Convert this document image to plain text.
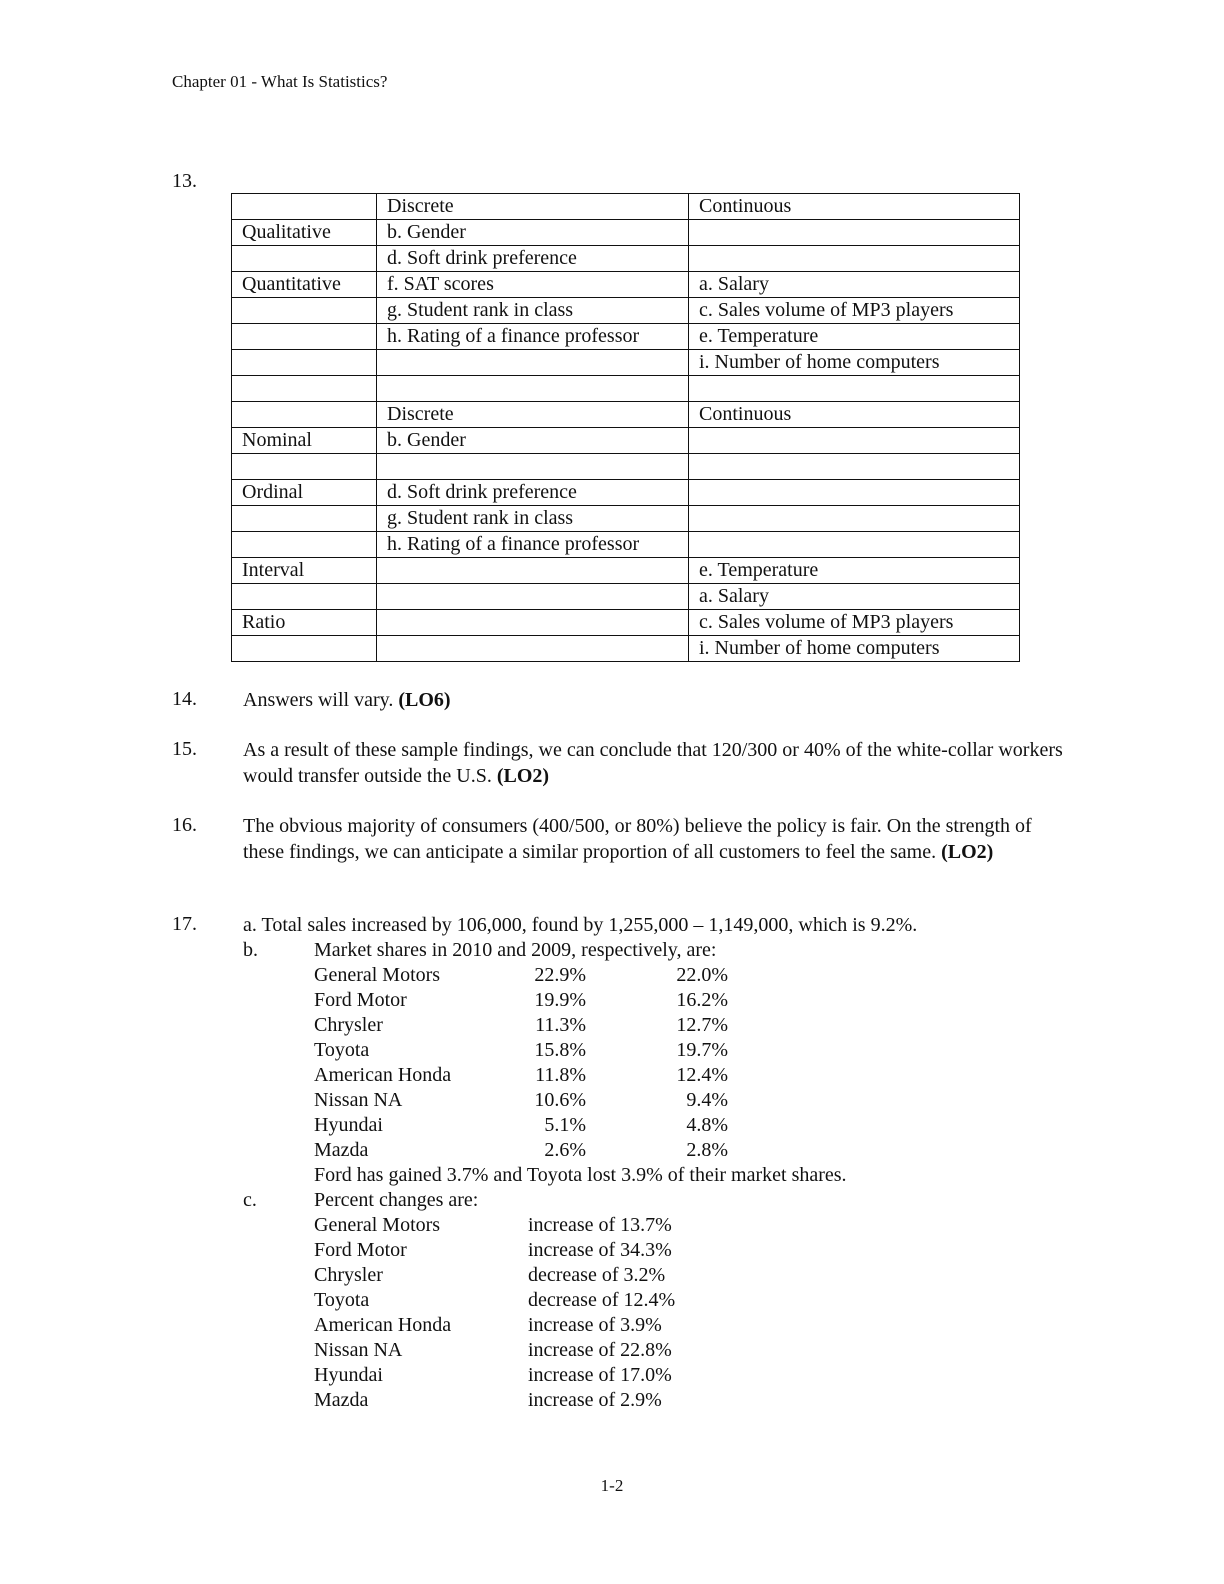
Chapter 01 - What Is Statistics?
13.
	Discrete	Continuous
Qualitative	b. Gender	
	d. Soft drink preference	
Quantitative	f. SAT scores	a. Salary
	g. Student rank in class	c. Sales volume of MP3 players
	h. Rating of a finance professor	e. Temperature
		i. Number of home computers

	Discrete	Continuous
Nominal	b. Gender	

Ordinal	d. Soft drink preference	
	g. Student rank in class	
	h. Rating of a finance professor	
Interval		e. Temperature
		a. Salary
Ratio		c. Sales volume of MP3 players
		i. Number of home computers
14. Answers will vary. (LO6)
15. As a result of these sample findings, we can conclude that 120/300 or 40% of the white-collar workers would transfer outside the U.S. (LO2)
16. The obvious majority of consumers (400/500, or 80%) believe the policy is fair. On the strength of these findings, we can anticipate a similar proportion of all customers to feel the same. (LO2)
17. a. Total sales increased by 106,000, found by 1,255,000 – 1,149,000, which is 9.2%.
b.	Market shares in 2010 and 2009, respectively, are:
General Motors	22.9%	22.0%
Ford Motor	19.9%	16.2%
Chrysler	11.3%	12.7%
Toyota	15.8%	19.7%
American Honda	11.8%	12.4%
Nissan NA	10.6%	9.4%
Hyundai	5.1%	4.8%
Mazda	2.6%	2.8%
Ford has gained 3.7% and Toyota lost 3.9% of their market shares.
c.	Percent changes are:
General Motors	increase of 13.7%
Ford Motor	increase of 34.3%
Chrysler	decrease of 3.2%
Toyota	decrease of 12.4%
American Honda	increase of 3.9%
Nissan NA	increase of 22.8%
Hyundai	increase of 17.0%
Mazda	increase of 2.9%
1-2
